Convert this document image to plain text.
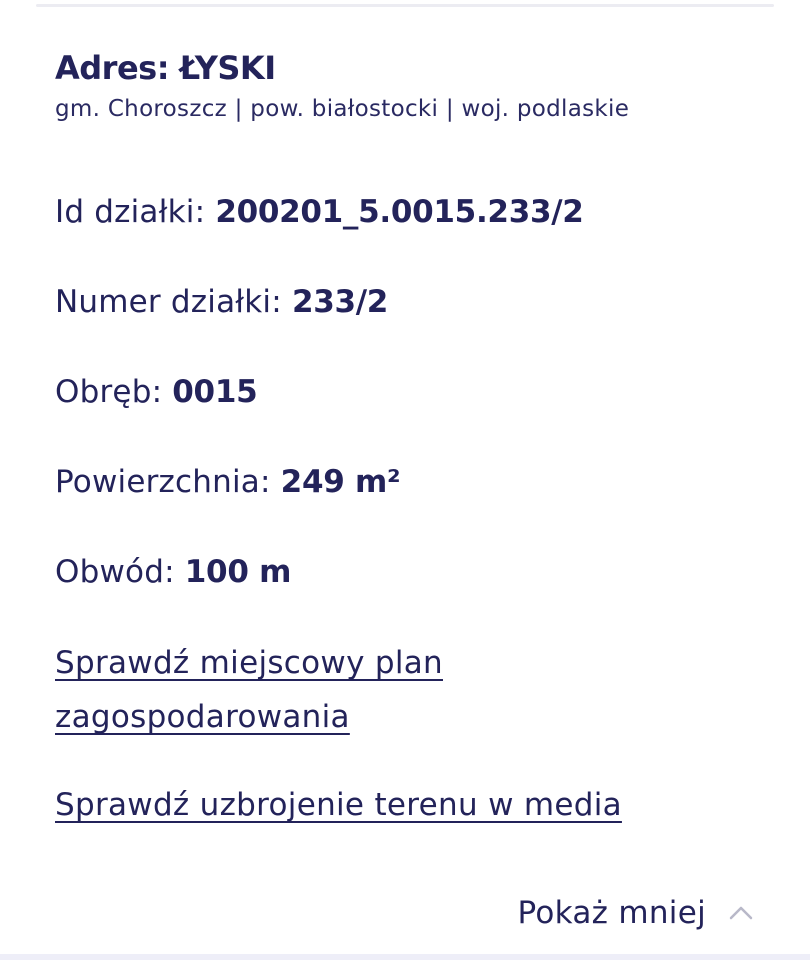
Adres: ŁYSKI
gm. Choroszcz | pow. białostocki | woj. podlaskie
Id działki: 200201_5.0015.233/2
Numer działki: 233/2
Obręb: 0015
Powierzchnia: 249 m²
Obwód: 100 m
Sprawdź miejscowy plan zagospodarowania
Sprawdź uzbrojenie terenu w media
Pokaż mniej
